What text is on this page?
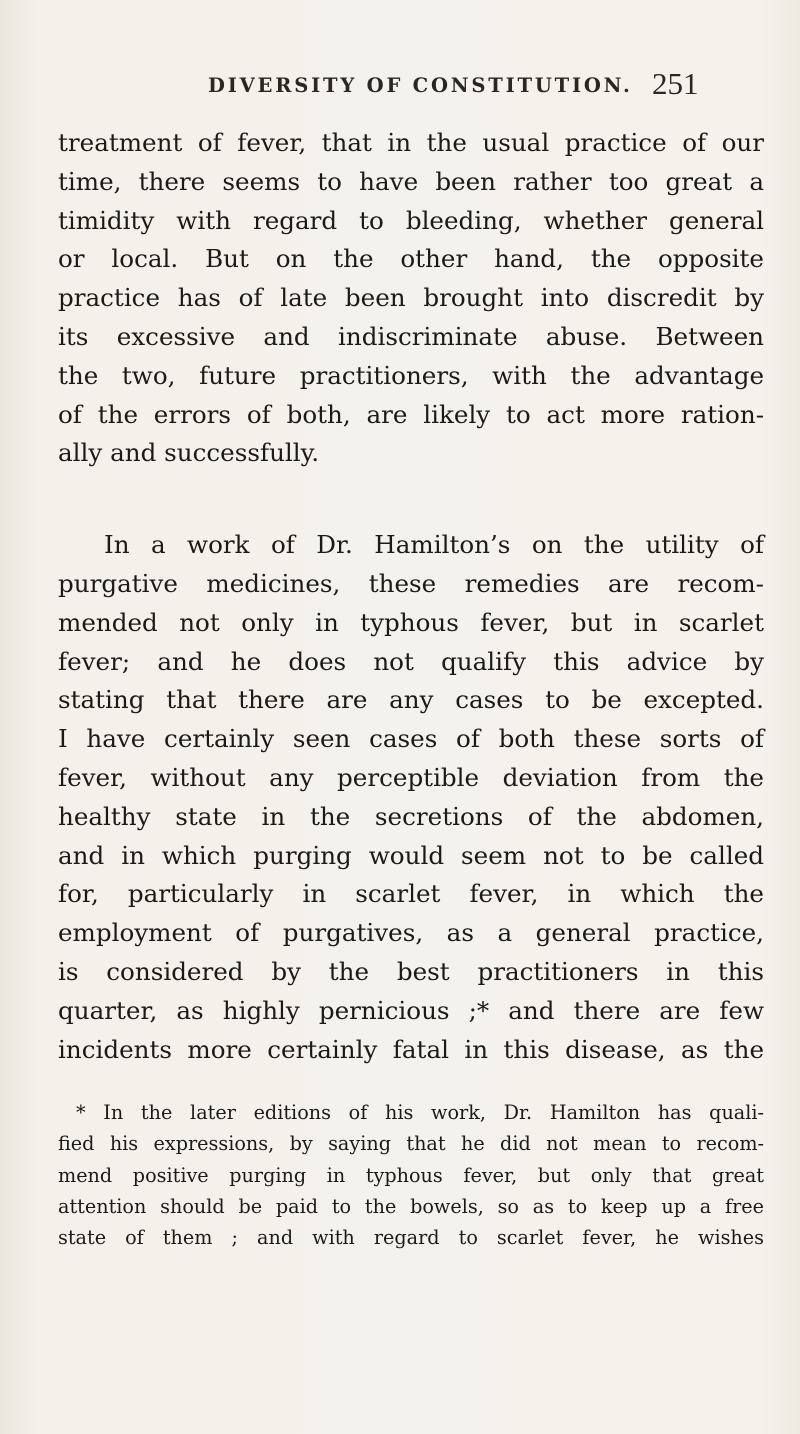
DIVERSITY OF CONSTITUTION. 251
treatment of fever, that in the usual practice of our
time, there seems to have been rather too great a
timidity with regard to bleeding, whether general
or local. But on the other hand, the opposite
practice has of late been brought into discredit by
its excessive and indiscriminate abuse. Between
the two, future practitioners, with the advantage
of the errors of both, are likely to act more ration-
ally and successfully.
In a work of Dr. Hamilton’s on the utility of
purgative medicines, these remedies are recom-
mended not only in typhous fever, but in scarlet
fever; and he does not qualify this advice by
stating that there are any cases to be excepted.
I have certainly seen cases of both these sorts of
fever, without any perceptible deviation from the
healthy state in the secretions of the abdomen,
and in which purging would seem not to be called
for, particularly in scarlet fever, in which the
employment of purgatives, as a general practice,
is considered by the best practitioners in this
quarter, as highly pernicious ;* and there are few
incidents more certainly fatal in this disease, as the
* In the later editions of his work, Dr. Hamilton has quali-
fied his expressions, by saying that he did not mean to recom-
mend positive purging in typhous fever, but only that great
attention should be paid to the bowels, so as to keep up a free
state of them ; and with regard to scarlet fever, he wishes
